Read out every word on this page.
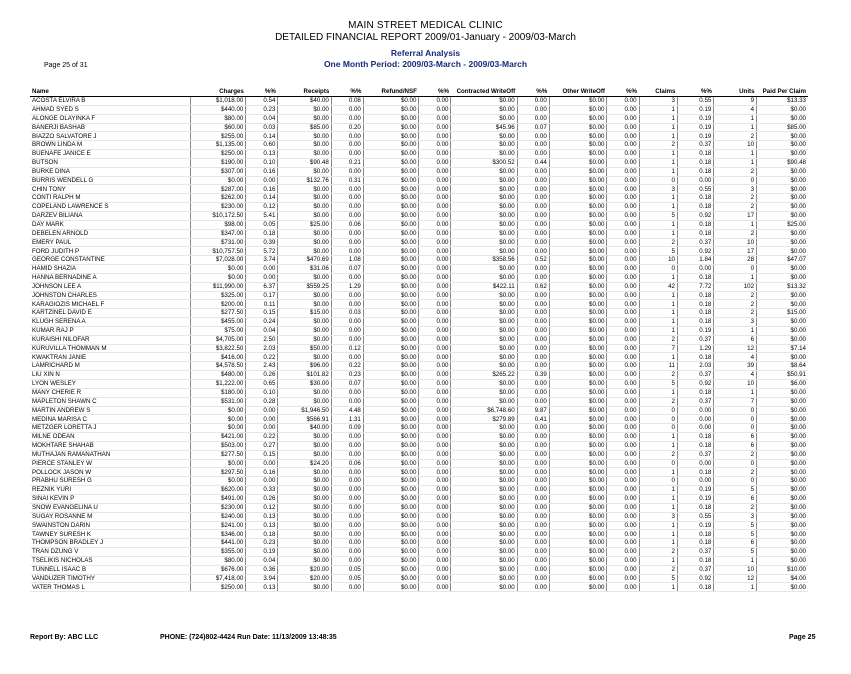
MAIN STREET MEDICAL CLINIC
DETAILED FINANCIAL REPORT 2009/01-January - 2009/03-March
Referral Analysis
One Month Period: 2009/03-March - 2009/03-March
Page 25 of 31
Name	Charges	%%	Receipts	%%	Refund/NSF	%%	Contracted WriteOff	%%	Other WriteOff	%%	Claims	%%	Units	Paid Per Claim
ACOSTA ELVIRA B	$1,018.00	0.54	$40.00	0.08	$0.00	0.00	$0.00	0.00	$0.00	0.00	3	0.55	9	$13.33
AHMAD SYED S	$440.00	0.23	$0.00	0.00	$0.00	0.00	$0.00	0.00	$0.00	0.00	1	0.19	4	$0.00
ALONGE OLAYINKA F	$80.00	0.04	$0.00	0.00	$0.00	0.00	$0.00	0.00	$0.00	0.00	1	0.19	1	$0.00
BANERJI BASHAB	$60.00	0.03	$85.00	0.20	$0.00	0.00	$45.96	0.07	$0.00	0.00	1	0.19	1	$85.00
BIAZZO SALVATORE J	$255.00	0.14	$0.00	0.00	$0.00	0.00	$0.00	0.00	$0.00	0.00	1	0.19	2	$0.00
BROWN LINDA M	$1,135.00	0.60	$0.00	0.00	$0.00	0.00	$0.00	0.00	$0.00	0.00	2	0.37	10	$0.00
BUENAFE JANICE E	$250.00	0.13	$0.00	0.00	$0.00	0.00	$0.00	0.00	$0.00	0.00	1	0.18	1	$0.00
BUTSON	$190.00	0.10	$90.48	0.21	$0.00	0.00	$300.52	0.44	$0.00	0.00	1	0.18	1	$90.48
BURKE DINA	$307.00	0.16	$0.00	0.00	$0.00	0.00	$0.00	0.00	$0.00	0.00	1	0.18	2	$0.00
BURRIS WENDELL G	$0.00	0.00	$132.76	0.31	$0.00	0.00	$0.00	0.00	$0.00	0.00	0	0.00	0	$0.00
CHIN TONY	$287.00	0.16	$0.00	0.00	$0.00	0.00	$0.00	0.00	$0.00	0.00	3	0.55	3	$0.00
CONTI RALPH M	$262.00	0.14	$0.00	0.00	$0.00	0.00	$0.00	0.00	$0.00	0.00	1	0.18	2	$0.00
COPELAND LAWRENCE S	$230.00	0.12	$0.00	0.00	$0.00	0.00	$0.00	0.00	$0.00	0.00	1	0.18	2	$0.00
DARZEV BILIANA	$10,172.50	5.41	$0.00	0.00	$0.00	0.00	$0.00	0.00	$0.00	0.00	5	0.92	17	$0.00
DAY MARK	$98.00	0.05	$25.00	0.06	$0.00	0.00	$0.00	0.00	$0.00	0.00	1	0.18	1	$25.00
DEBELEN ARNOLD	$347.00	0.18	$0.00	0.00	$0.00	0.00	$0.00	0.00	$0.00	0.00	1	0.18	2	$0.00
EMERY PAUL	$731.00	0.39	$0.00	0.00	$0.00	0.00	$0.00	0.00	$0.00	0.00	2	0.37	10	$0.00
FORD JUDITH P	$10,757.50	5.72	$0.00	0.00	$0.00	0.00	$0.00	0.00	$0.00	0.00	5	0.92	17	$0.00
GEORGE CONSTANTINE	$7,028.00	3.74	$470.69	1.08	$0.00	0.00	$358.56	0.52	$0.00	0.00	10	1.84	28	$47.07
HAMID SHAZIA	$0.00	0.00	$31.06	0.07	$0.00	0.00	$0.00	0.00	$0.00	0.00	0	0.00	0	$0.00
HANNA BERNADINE A	$0.00	0.00	$0.00	0.00	$0.00	0.00	$0.00	0.00	$0.00	0.00	1	0.18	1	$0.00
JOHNSON LEE A	$11,990.00	6.37	$559.25	1.29	$0.00	0.00	$422.11	0.62	$0.00	0.00	42	7.72	102	$13.32
JOHNSTON CHARLES	$325.00	0.17	$0.00	0.00	$0.00	0.00	$0.00	0.00	$0.00	0.00	1	0.18	2	$0.00
KARAGIOZIS MICHAEL F	$200.00	0.11	$0.00	0.00	$0.00	0.00	$0.00	0.00	$0.00	0.00	1	0.18	2	$0.00
KARTZINEL DAVID E	$277.50	0.15	$15.00	0.03	$0.00	0.00	$0.00	0.00	$0.00	0.00	1	0.18	2	$15.00
KLUGH SERENA A	$455.00	0.24	$0.00	0.00	$0.00	0.00	$0.00	0.00	$0.00	0.00	1	0.18	3	$0.00
KUMAR RAJ P	$75.00	0.04	$0.00	0.00	$0.00	0.00	$0.00	0.00	$0.00	0.00	1	0.19	1	$0.00
KURAISHI NILOFAR	$4,705.00	2.50	$0.00	0.00	$0.00	0.00	$0.00	0.00	$0.00	0.00	2	0.37	6	$0.00
KURUVILLA THOMMAN M	$3,822.50	2.03	$50.00	0.12	$0.00	0.00	$0.00	0.00	$0.00	0.00	7	1.29	12	$7.14
KWAKTRAN JANIE	$416.00	0.22	$0.00	0.00	$0.00	0.00	$0.00	0.00	$0.00	0.00	1	0.18	4	$0.00
LAMRICHARD M	$4,578.50	2.43	$96.00	0.22	$0.00	0.00	$0.00	0.00	$0.00	0.00	11	2.03	39	$8.64
LIU XIN N	$480.00	0.26	$101.82	0.23	$0.00	0.00	$265.22	0.39	$0.00	0.00	2	0.37	4	$50.91
LYON WESLEY	$1,222.00	0.65	$30.00	0.07	$0.00	0.00	$0.00	0.00	$0.00	0.00	5	0.92	10	$6.00
MANY CHERIE R	$180.00	0.10	$0.00	0.00	$0.00	0.00	$0.00	0.00	$0.00	0.00	1	0.18	1	$0.00
MAPLETON SHAWN C	$531.00	0.28	$0.00	0.00	$0.00	0.00	$0.00	0.00	$0.00	0.00	2	0.37	7	$0.00
MARTIN ANDREW S	$0.00	0.00	$1,946.50	4.48	$0.00	0.00	$6,748.60	9.87	$0.00	0.00	0	0.00	0	$0.00
MEDINA MARISA C	$0.00	0.00	$566.91	1.31	$0.00	0.00	$279.89	0.41	$0.00	0.00	0	0.00	0	$0.00
METZGER LORETTA J	$0.00	0.00	$40.00	0.09	$0.00	0.00	$0.00	0.00	$0.00	0.00	0	0.00	0	$0.00
MILNE ODEAN	$421.00	0.22	$0.00	0.00	$0.00	0.00	$0.00	0.00	$0.00	0.00	1	0.18	6	$0.00
MOKHTARE SHAHAB	$503.00	0.27	$0.00	0.00	$0.00	0.00	$0.00	0.00	$0.00	0.00	1	0.18	6	$0.00
MUTHAJAN RAMANATHAN	$277.50	0.15	$0.00	0.00	$0.00	0.00	$0.00	0.00	$0.00	0.00	2	0.37	2	$0.00
PIERCE STANLEY W	$0.00	0.00	$24.20	0.06	$0.00	0.00	$0.00	0.00	$0.00	0.00	0	0.00	0	$0.00
POLLOCK JASON W	$297.50	0.16	$0.00	0.00	$0.00	0.00	$0.00	0.00	$0.00	0.00	1	0.18	2	$0.00
PRABHU SURESH G	$0.00	0.00	$0.00	0.00	$0.00	0.00	$0.00	0.00	$0.00	0.00	0	0.00	0	$0.00
REZNIK YURI	$620.00	0.33	$0.00	0.00	$0.00	0.00	$0.00	0.00	$0.00	0.00	1	0.19	5	$0.00
SINAI KEVIN P	$491.00	0.26	$0.00	0.00	$0.00	0.00	$0.00	0.00	$0.00	0.00	1	0.19	6	$0.00
SNOW EVANGELINA U	$230.00	0.12	$0.00	0.00	$0.00	0.00	$0.00	0.00	$0.00	0.00	1	0.18	2	$0.00
SUGAY ROSANNE M	$240.00	0.13	$0.00	0.00	$0.00	0.00	$0.00	0.00	$0.00	0.00	3	0.55	3	$0.00
SWAINSTON DARIN	$241.00	0.13	$0.00	0.00	$0.00	0.00	$0.00	0.00	$0.00	0.00	1	0.19	5	$0.00
TAWNEY SURESH K	$346.00	0.18	$0.00	0.00	$0.00	0.00	$0.00	0.00	$0.00	0.00	1	0.18	5	$0.00
THOMPSON BRADLEY J	$441.00	0.23	$0.00	0.00	$0.00	0.00	$0.00	0.00	$0.00	0.00	1	0.18	6	$0.00
TRAN DZUNG V	$355.00	0.19	$0.00	0.00	$0.00	0.00	$0.00	0.00	$0.00	0.00	2	0.37	5	$0.00
TSELIKIS NICHOLAS	$80.00	0.04	$0.00	0.00	$0.00	0.00	$0.00	0.00	$0.00	0.00	1	0.18	1	$0.00
TUNNELL ISAAC B	$676.00	0.36	$20.00	0.05	$0.00	0.00	$0.00	0.00	$0.00	0.00	2	0.37	10	$10.00
VANDUZER TIMOTHY	$7,418.00	3.94	$20.00	0.05	$0.00	0.00	$0.00	0.00	$0.00	0.00	5	0.92	12	$4.00
VATER THOMAS L	$250.00	0.13	$0.00	0.00	$0.00	0.00	$0.00	0.00	$0.00	0.00	1	0.18	1	$0.00
Report By: ABC LLC	PHONE: (724)802-4424 Run Date: 11/13/2009 13:48:35	Page 25
